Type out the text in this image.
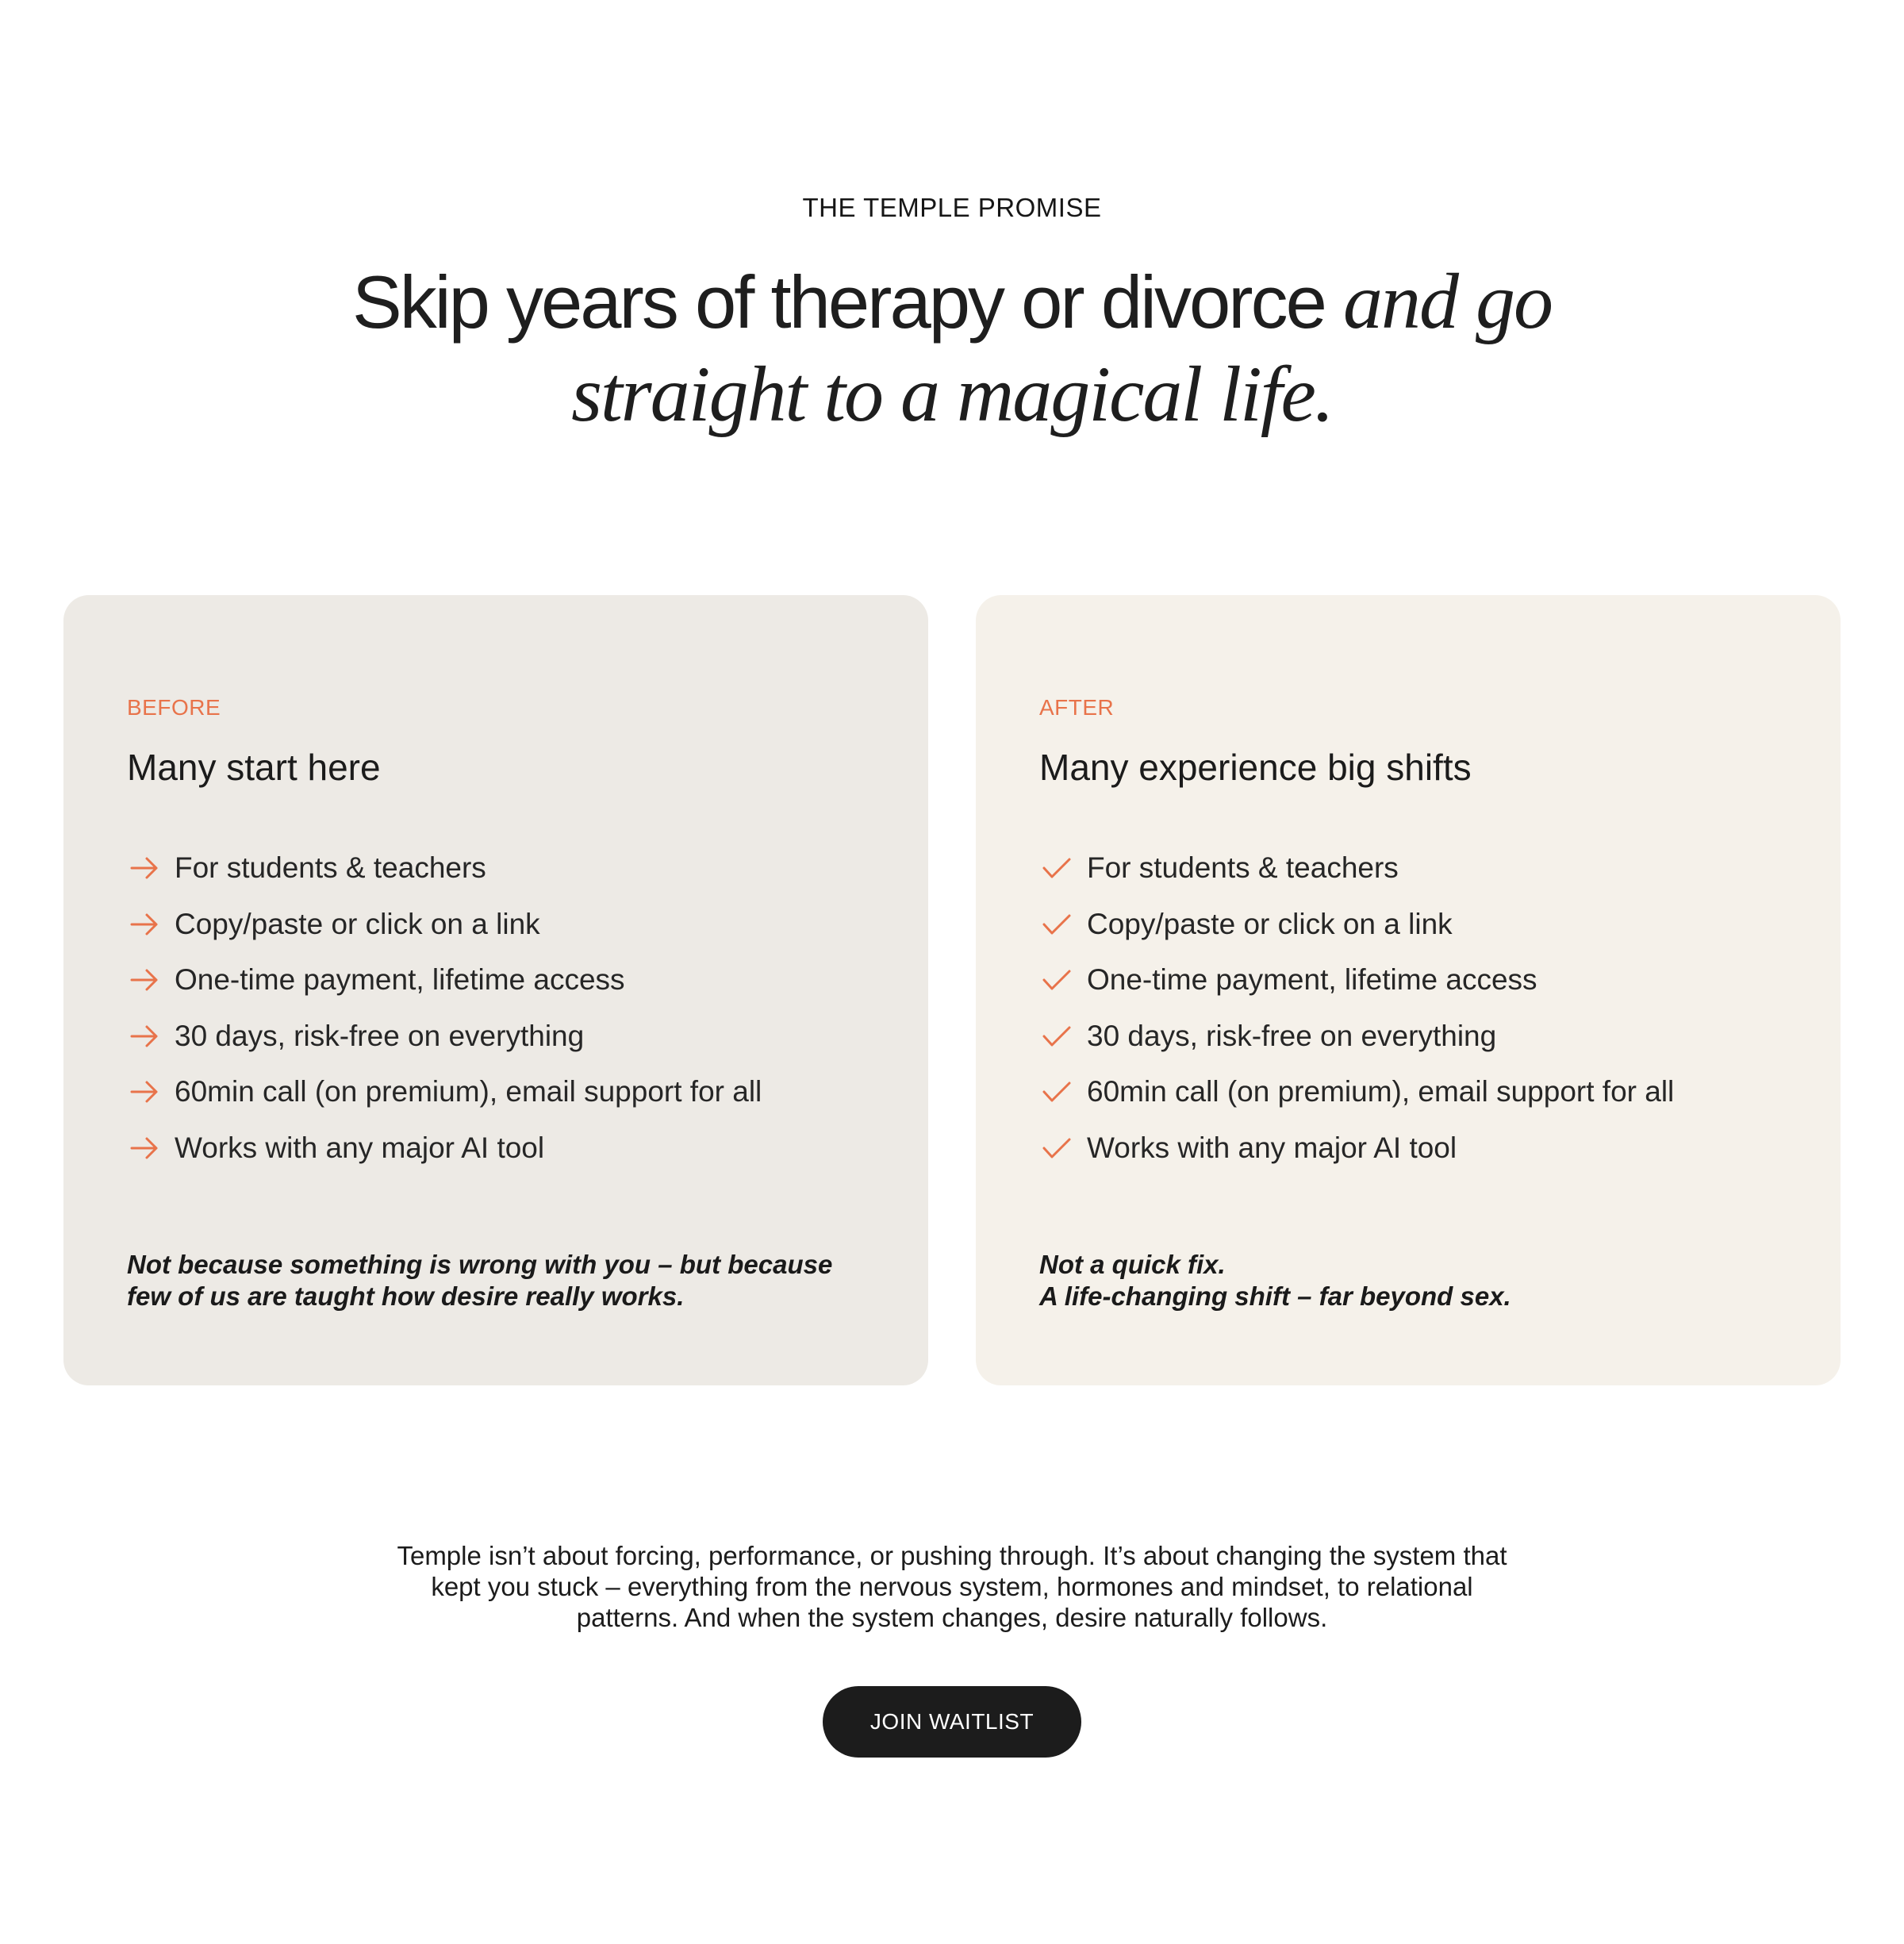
THE TEMPLE PROMISE
Skip years of therapy or divorce and go straight to a magical life.
BEFORE
Many start here
For students & teachers
Copy/paste or click on a link
One-time payment, lifetime access
30 days, risk-free on everything
60min call (on premium), email support for all
Works with any major AI tool
Not because something is wrong with you – but because few of us are taught how desire really works.
AFTER
Many experience big shifts
For students & teachers
Copy/paste or click on a link
One-time payment, lifetime access
30 days, risk-free on everything
60min call (on premium), email support for all
Works with any major AI tool
Not a quick fix.
A life-changing shift – far beyond sex.

Temple isn’t about forcing, performance, or pushing through. It’s about changing the system that kept you stuck – everything from the nervous system, hormones and mindset, to relational patterns. And when the system changes, desire naturally follows.

JOIN WAITLIST
